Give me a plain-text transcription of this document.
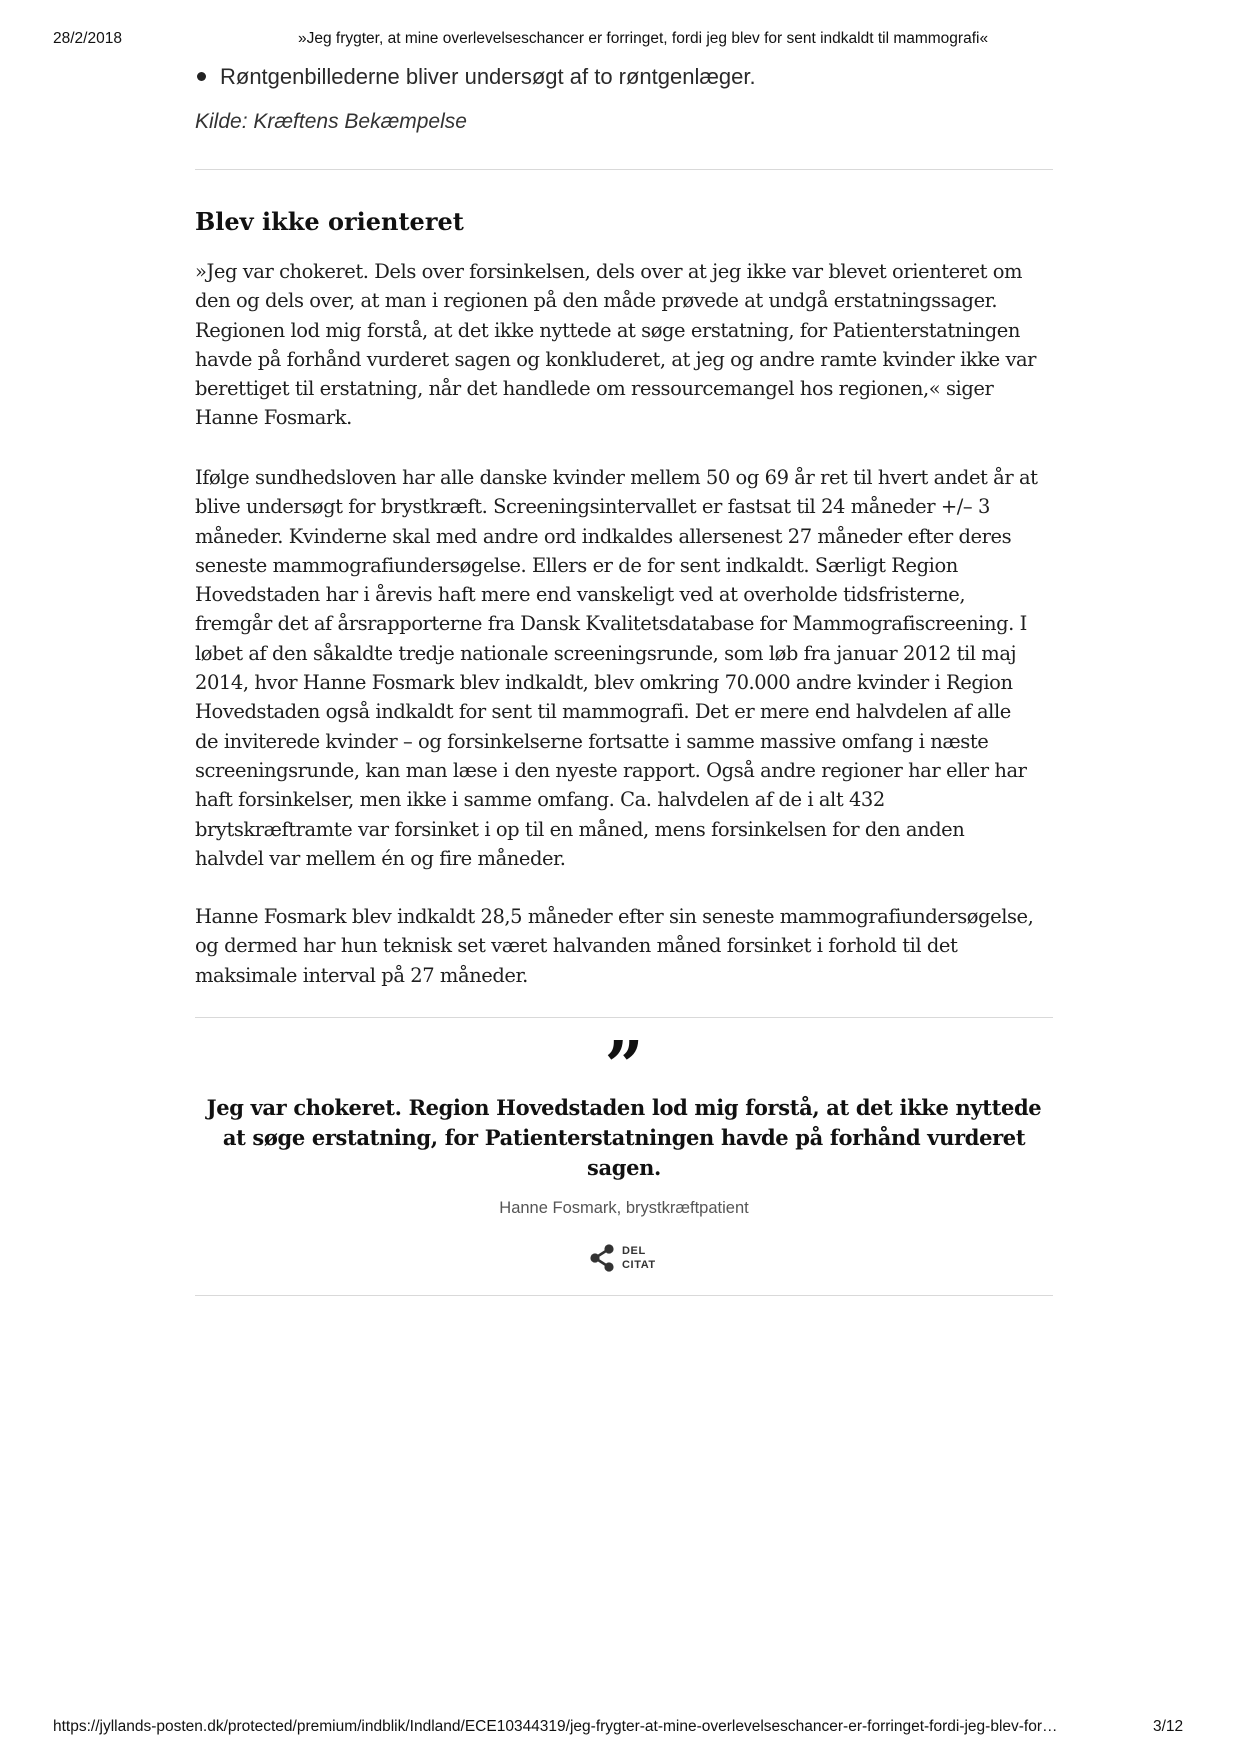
28/2/2018	»Jeg frygter, at mine overlevelseschancer er forringet, fordi jeg blev for sent indkaldt til mammografi«
Røntgenbillederne bliver undersøgt af to røntgenlæger.
Kilde: Kræftens Bekæmpelse
Blev ikke orienteret
»Jeg var chokeret. Dels over forsinkelsen, dels over at jeg ikke var blevet orienteret om
den og dels over, at man i regionen på den måde prøvede at undgå erstatningssager.
Regionen lod mig forstå, at det ikke nyttede at søge erstatning, for Patienterstatningen
havde på forhånd vurderet sagen og konkluderet, at jeg og andre ramte kvinder ikke var
berettiget til erstatning, når det handlede om ressourcemangel hos regionen,« siger
Hanne Fosmark.
Ifølge sundhedsloven har alle danske kvinder mellem 50 og 69 år ret til hvert andet år at
blive undersøgt for brystkræft. Screeningsintervallet er fastsat til 24 måneder +/– 3
måneder. Kvinderne skal med andre ord indkaldes allersenest 27 måneder efter deres
seneste mammografiundersøgelse. Ellers er de for sent indkaldt. Særligt Region
Hovedstaden har i årevis haft mere end vanskeligt ved at overholde tidsfristerne,
fremgår det af årsrapporterne fra Dansk Kvalitetsdatabase for Mammografiscreening. I
løbet af den såkaldte tredje nationale screeningsrunde, som løb fra januar 2012 til maj
2014, hvor Hanne Fosmark blev indkaldt, blev omkring 70.000 andre kvinder i Region
Hovedstaden også indkaldt for sent til mammografi. Det er mere end halvdelen af alle
de inviterede kvinder – og forsinkelserne fortsatte i samme massive omfang i næste
screeningsrunde, kan man læse i den nyeste rapport. Også andre regioner har eller har
haft forsinkelser, men ikke i samme omfang. Ca. halvdelen af de i alt 432
brytskræftramte var forsinket i op til en måned, mens forsinkelsen for den anden
halvdel var mellem én og fire måneder.
Hanne Fosmark blev indkaldt 28,5 måneder efter sin seneste mammografiundersøgelse,
og dermed har hun teknisk set været halvanden måned forsinket i forhold til det
maksimale interval på 27 måneder.
”
Jeg var chokeret. Region Hovedstaden lod mig forstå, at det ikke nyttede
at søge erstatning, for Patienterstatningen havde på forhånd vurderet
sagen.
Hanne Fosmark, brystkræftpatient
DEL
CITAT
https://jyllands-posten.dk/protected/premium/indblik/Indland/ECE10344319/jeg-frygter-at-mine-overlevelseschancer-er-forringet-fordi-jeg-blev-for…	3/12
